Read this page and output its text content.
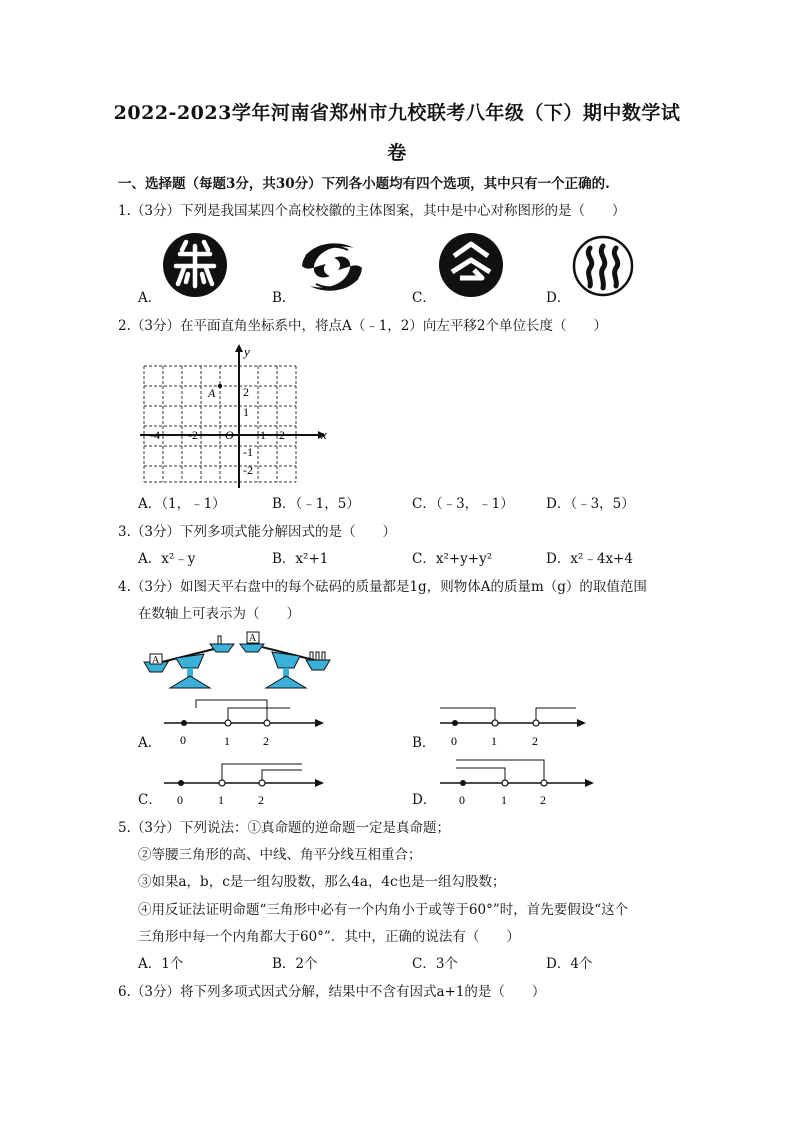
2022-2023学年河南省郑州市九校联考八年级（下）期中数学试
卷
一、选择题（每题3分，共30分）下列各小题均有四个选项，其中只有一个正确的.
1.（3分）下列是我国某四个高校校徽的主体图案，其中是中心对称图形的是（　　）
A．	B．	C．	D．
2.（3分）在平面直角坐标系中，将点A（﹣1，2）向左平移2个单位长度（　　）
A
y
x
2
1
-1
-2
-4 -2 O 1 2
A．（1，﹣1）	B．（﹣1，5）	C．（﹣3，﹣1） D．（﹣3，5）
3.（3分）下列多项式能分解因式的是（　　）
A．x²﹣y	B．x²+1	C．x²+y+y²	D．x²﹣4x+4
4.（3分）如图天平右盘中的每个砝码的质量都是1g，则物体A的质量m（g）的取值范围
在数轴上可表示为（　　）
A
A
A． 0	1	2	B． 0	1	2
C． 0	1	2	D． 0	1	2
5.（3分）下列说法：①真命题的逆命题一定是真命题；
②等腰三角形的高、中线、角平分线互相重合；
③如果a，b，c是一组勾股数，那么4a，4c也是一组勾股数；
④用反证法证明命题“三角形中必有一个内角小于或等于60°”时，首先要假设“这个
三角形中每一个内角都大于60°”．其中，正确的说法有（　　）
A．1个	B．2个	C．3个	D．4个
6.（3分）将下列多项式因式分解，结果中不含有因式a+1的是（　　）
